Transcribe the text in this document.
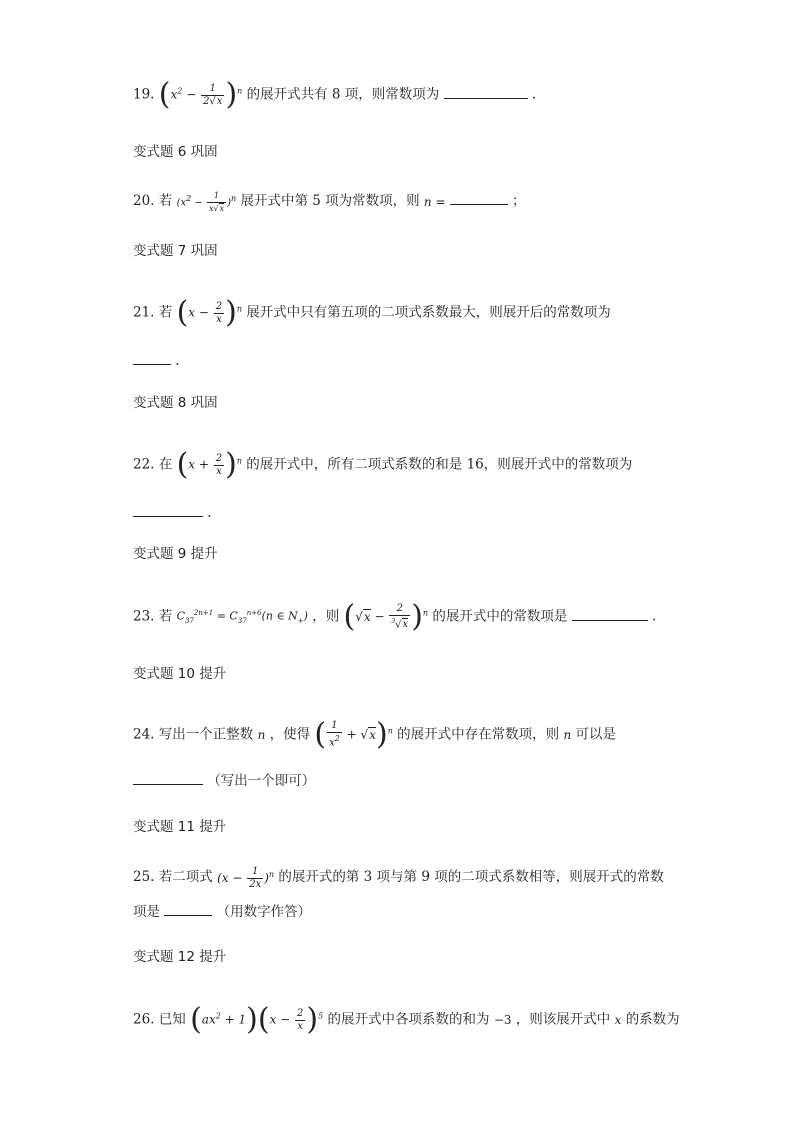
19. $(x^2 - \frac{1}{2√x} )^n$ 的展开式共有 8 项，则常数项为	.
变式题 6 巩固
20. 若 $(x^2 - \frac{1}{x√x} )^n$ 展开式中第 5 项为常数项，则 n =	；
变式题 7 巩固
21. 若 $(x - \frac{2}{x} )^n$ 展开式中只有第五项的二项式系数最大，则展开后的常数项为
.
变式题 8 巩固
22. 在 $(x + \frac{2}{x} )^n$ 的展开式中，所有二项式系数的和是 16，则展开式中的常数项为
.
变式题 9 提升
23. 若 $C_{37}^{2n+1} = C_{37}^{n+6}(n$ ∈ $N_+$) ，则 $(√x - \frac{2}{^3√x} )^n$ 的展开式中的常数项是	.
变式题 10 提升
24. 写出一个正整数 n ，使得 ( $\frac{1}{x^2} + √x)^n$ 的展开式中存在常数项，则 n 可以是
（写出一个即可）
变式题 11 提升
25. 若二项式 $(x - \frac{1}{2x} )^n$ 的展开式的第 3 项与第 9 项的二项式系数相等，则展开式的常数
项是	（用数字作答）
变式题 12 提升
26. 已知 $(ax^2 + 1)(x - \frac{2}{x} )^5$ 的展开式中各项系数的和为 −3 ，则该展开式中 x 的系数为
